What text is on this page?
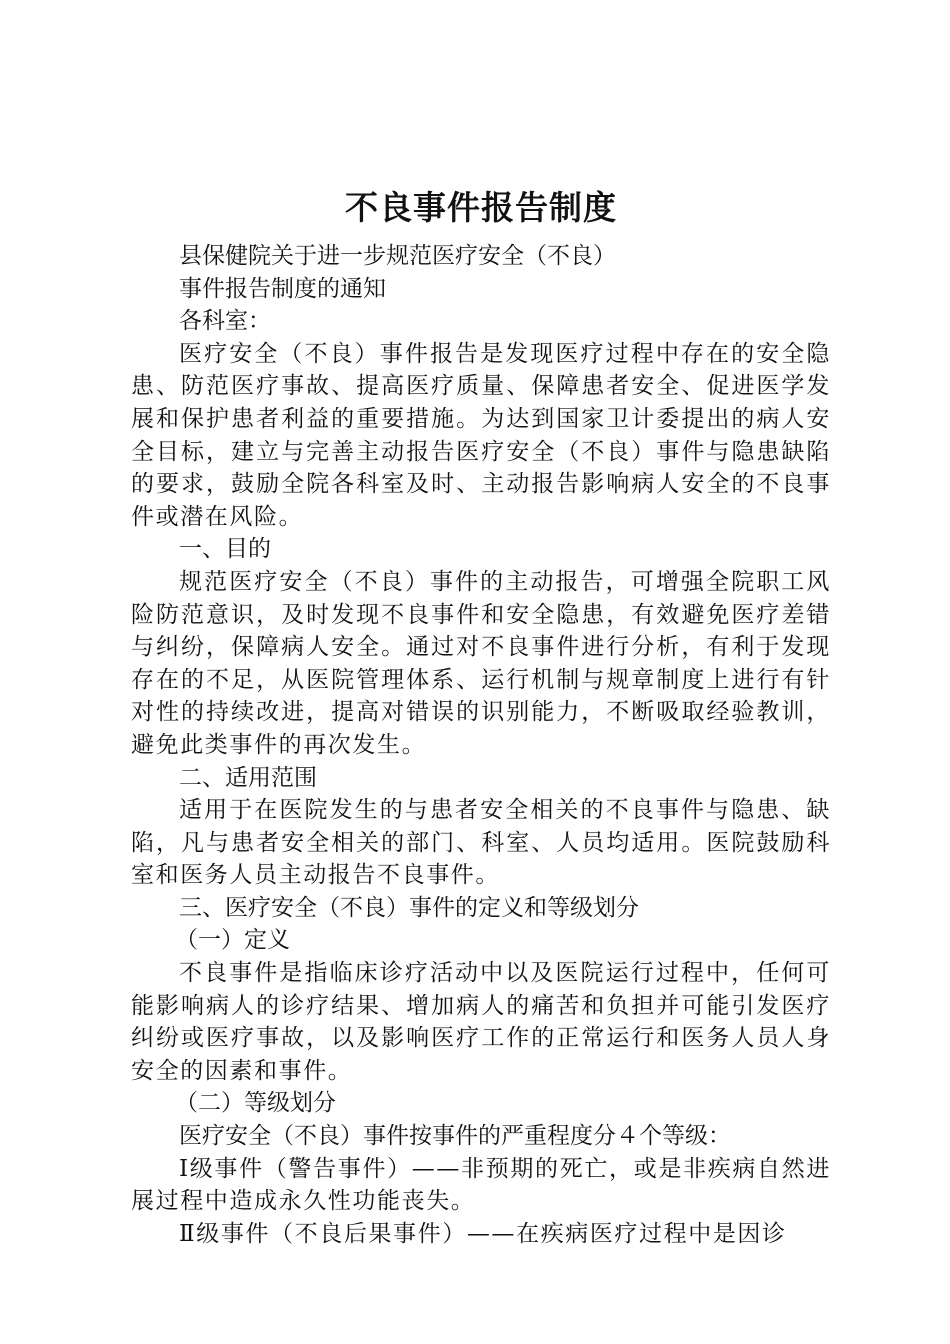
不良事件报告制度

县保健院关于进一步规范医疗安全（不良）

事件报告制度的通知

各科室：

医疗安全（不良）事件报告是发现医疗过程中存在的安全隐患、防范医疗事故、提高医疗质量、保障患者安全、促进医学发展和保护患者利益的重要措施。为达到国家卫计委提出的病人安全目标，建立与完善主动报告医疗安全（不良）事件与隐患缺陷的要求，鼓励全院各科室及时、主动报告影响病人安全的不良事件或潜在风险。

一、目的

规范医疗安全（不良）事件的主动报告，可增强全院职工风险防范意识，及时发现不良事件和安全隐患，有效避免医疗差错与纠纷，保障病人安全。通过对不良事件进行分析，有利于发现存在的不足，从医院管理体系、运行机制与规章制度上进行有针对性的持续改进，提高对错误的识别能力，不断吸取经验教训，避免此类事件的再次发生。

二、适用范围

适用于在医院发生的与患者安全相关的不良事件与隐患、缺陷，凡与患者安全相关的部门、科室、人员均适用。医院鼓励科室和医务人员主动报告不良事件。

三、医疗安全（不良）事件的定义和等级划分

（一）定义

不良事件是指临床诊疗活动中以及医院运行过程中，任何可能影响病人的诊疗结果、增加病人的痛苦和负担并可能引发医疗纠纷或医疗事故，以及影响医疗工作的正常运行和医务人员人身安全的因素和事件。

（二）等级划分

医疗安全（不良）事件按事件的严重程度分４个等级：

Ⅰ级事件（警告事件）——非预期的死亡，或是非疾病自然进展过程中造成永久性功能丧失。

Ⅱ级事件（不良后果事件）——在疾病医疗过程中是因诊
